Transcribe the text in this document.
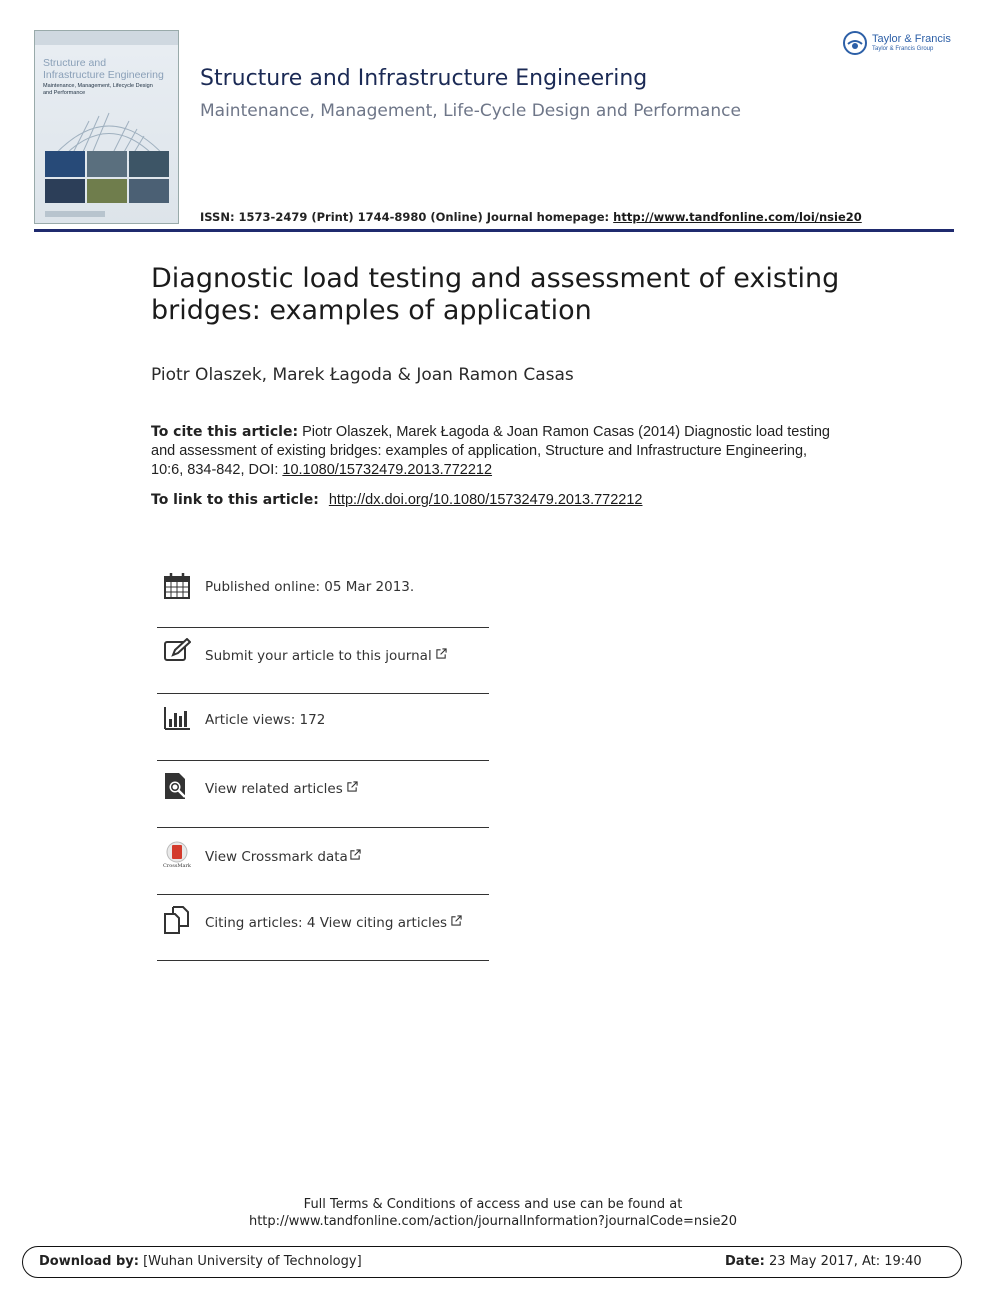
Structure and Infrastructure Engineering
Maintenance, Management, Lifecycle Design and Performance
Structure and Infrastructure Engineering
Maintenance, Management, Life-Cycle Design and Performance
Taylor & Francis
Taylor & Francis Group
ISSN: 1573-2479 (Print) 1744-8980 (Online) Journal homepage: http://www.tandfonline.com/loi/nsie20
Diagnostic load testing and assessment of existing bridges: examples of application
Piotr Olaszek, Marek Łagoda & Joan Ramon Casas
To cite this article: Piotr Olaszek, Marek Łagoda & Joan Ramon Casas (2014) Diagnostic load testing and assessment of existing bridges: examples of application, Structure and Infrastructure Engineering, 10:6, 834-842, DOI: 10.1080/15732479.2013.772212
To link to this article: http://dx.doi.org/10.1080/15732479.2013.772212
Published online: 05 Mar 2013.
Submit your article to this journal
Article views: 172
View related articles
CrossMark
View Crossmark data
Citing articles: 4 View citing articles
Full Terms & Conditions of access and use can be found at
http://www.tandfonline.com/action/journalInformation?journalCode=nsie20
Download by: [Wuhan University of Technology]	Date: 23 May 2017, At: 19:40
